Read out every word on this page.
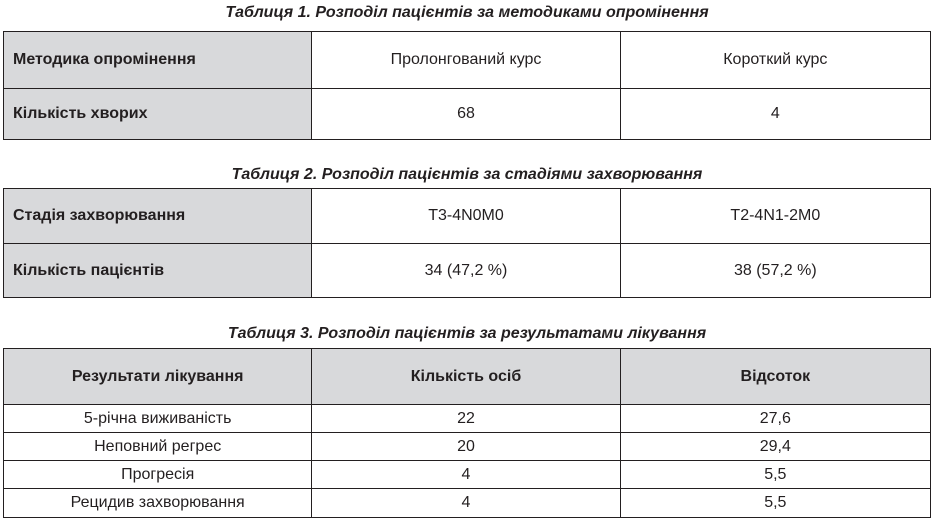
Таблиця 1. Розподіл пацієнтів за методиками опромінення
Методика опромінення	Пролонгований курс	Короткий курс
Кількість хворих	68	4
Таблиця 2. Розподіл пацієнтів за стадіями захворювання
Стадія захворювання	T3-4N0M0	T2-4N1-2M0
Кількість пацієнтів	34 (47,2 %)	38 (57,2 %)
Таблиця 3. Розподіл пацієнтів за результатами лікування
Результати лікування	Кількість осіб	Відсоток
5-річна виживаність	22	27,6
Неповний регрес	20	29,4
Прогресія	4	5,5
Рецидив захворювання	4	5,5
